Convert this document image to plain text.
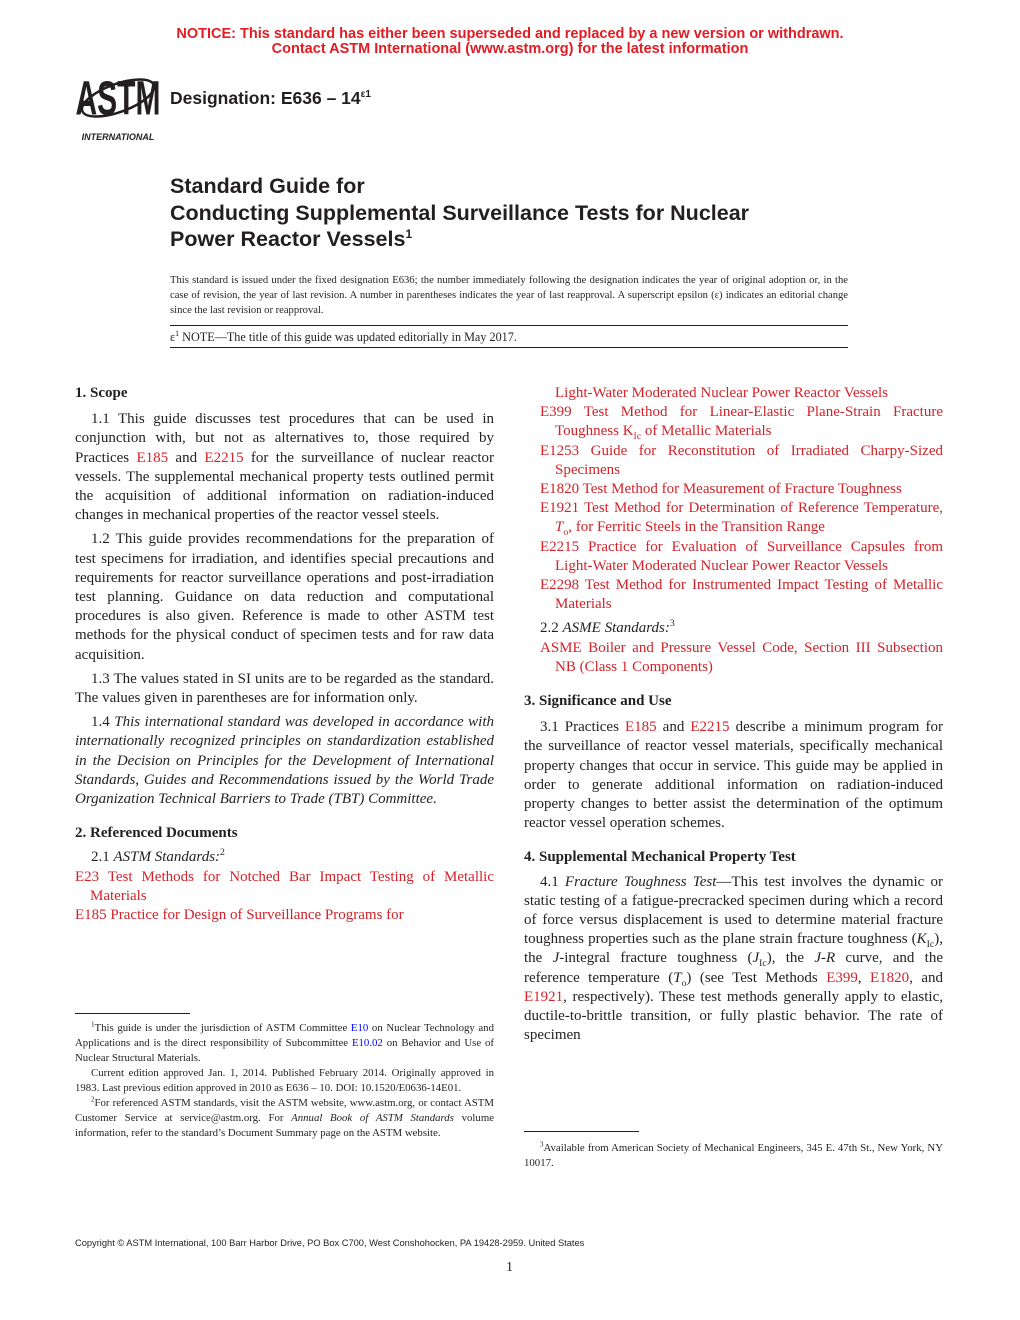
NOTICE: This standard has either been superseded and replaced by a new version or withdrawn.
Contact ASTM International (www.astm.org) for the latest information
ASTM
INTERNATIONAL
Designation: $E636 - 14^{\varepsilon 1}$
Standard Guide for
Conducting Supplemental Surveillance Tests for Nuclear
Power Reactor Vessels$^1$
This standard is issued under the fixed designation E636; the number immediately following the designation indicates the year of original adoption or, in the case of revision, the year of last revision. A number in parentheses indicates the year of last reapproval. A superscript epsilon (ε) indicates an editorial change since the last revision or reapproval.
$\varepsilon^1$ NOTE—The title of this guide was updated editorially in May 2017.

1. Scope

1.1 This guide discusses test procedures that can be used in conjunction with, but not as alternatives to, those required by Practices E185 and E2215 for the surveillance of nuclear reactor vessels. The supplemental mechanical property tests outlined permit the acquisition of additional information on radiation-induced changes in mechanical properties of the reactor vessel steels.

1.2 This guide provides recommendations for the preparation of test specimens for irradiation, and identifies special precautions and requirements for reactor surveillance operations and post-irradiation test planning. Guidance on data reduction and computational procedures is also given. Reference is made to other ASTM test methods for the physical conduct of specimen tests and for raw data acquisition.

1.3 The values stated in SI units are to be regarded as the standard. The values given in parentheses are for information only.

1.4 This international standard was developed in accordance with internationally recognized principles on standardization established in the Decision on Principles for the Development of International Standards, Guides and Recommendations issued by the World Trade Organization Technical Barriers to Trade (TBT) Committee.

2. Referenced Documents

2.1 ASTM Standards:$^2$

E23 Test Methods for Notched Bar Impact Testing of Metallic Materials

E185 Practice for Design of Surveillance Programs for

Light-Water Moderated Nuclear Power Reactor Vessels

E399 Test Method for Linear-Elastic Plane-Strain Fracture Toughness $K_{Ic}$ of Metallic Materials

E1253 Guide for Reconstitution of Irradiated Charpy-Sized Specimens

E1820 Test Method for Measurement of Fracture Toughness

E1921 Test Method for Determination of Reference Temperature, $T_o$, for Ferritic Steels in the Transition Range

E2215 Practice for Evaluation of Surveillance Capsules from Light-Water Moderated Nuclear Power Reactor Vessels

E2298 Test Method for Instrumented Impact Testing of Metallic Materials

2.2 ASME Standards:$^3$

ASME Boiler and Pressure Vessel Code, Section III Subsection NB (Class 1 Components)

3. Significance and Use

3.1 Practices E185 and E2215 describe a minimum program for the surveillance of reactor vessel materials, specifically mechanical property changes that occur in service. This guide may be applied in order to generate additional information on radiation-induced property changes to better assist the determination of the optimum reactor vessel operation schemes.

4. Supplemental Mechanical Property Test

4.1 Fracture Toughness Test—This test involves the dynamic or static testing of a fatigue-precracked specimen during which a record of force versus displacement is used to determine material fracture toughness properties such as the plane strain fracture toughness $(K_{Ic})$, the J-integral fracture toughness $(J_{Ic})$, the J-R curve, and the reference temperature $(T_o)$ (see Test Methods E399, E1820, and E1921, respectively). These test methods generally apply to elastic, ductile-to-brittle transition, or fully plastic behavior. The rate of specimen

$^1$This guide is under the jurisdiction of ASTM Committee E10 on Nuclear Technology and Applications and is the direct responsibility of Subcommittee E10.02 on Behavior and Use of Nuclear Structural Materials.

Current edition approved Jan. 1, 2014. Published February 2014. Originally approved in 1983. Last previous edition approved in 2010 as E636 – 10. DOI: 10.1520/E0636-14E01.

$^2$For referenced ASTM standards, visit the ASTM website, www.astm.org, or contact ASTM Customer Service at service@astm.org. For Annual Book of ASTM Standards volume information, refer to the standard’s Document Summary page on the ASTM website.

$^3$Available from American Society of Mechanical Engineers, 345 E. 47th St., New York, NY 10017.

Copyright © ASTM International, 100 Barr Harbor Drive, PO Box C700, West Conshohocken, PA 19428-2959. United States
1
